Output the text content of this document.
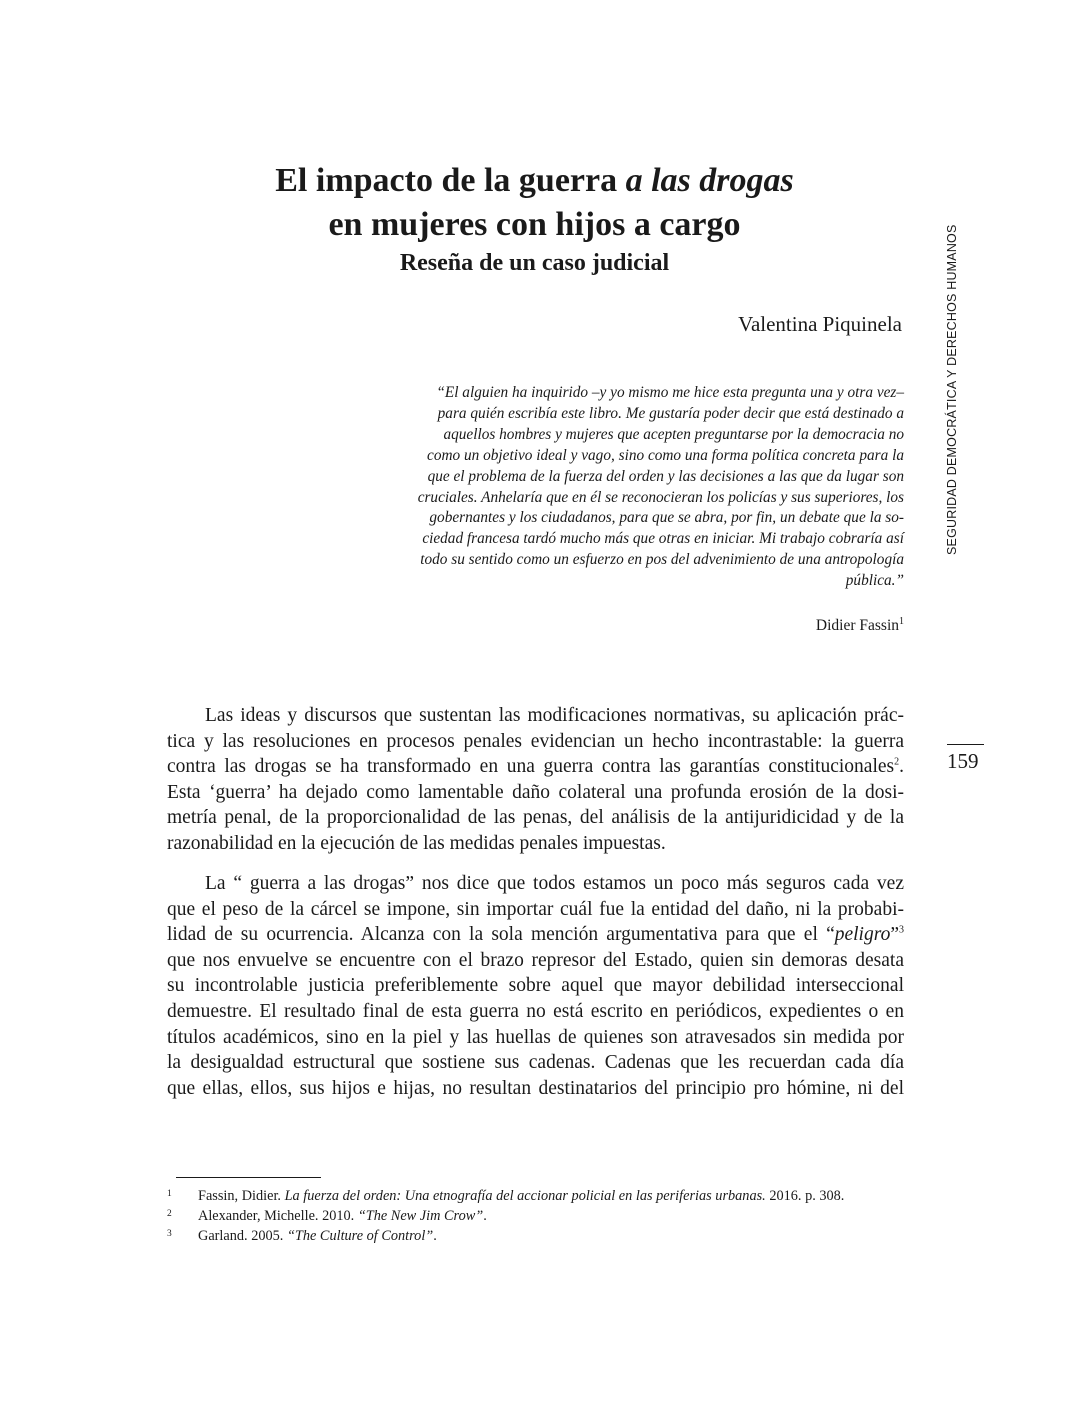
El impacto de la guerra a las drogas
en mujeres con hijos a cargo
Reseña de un caso judicial
Valentina Piquinela
“El alguien ha inquirido –y yo mismo me hice esta pregunta una y otra vez–
para quién escribía este libro. Me gustaría poder decir que está destinado a
aquellos hombres y mujeres que acepten preguntarse por la democracia no
como un objetivo ideal y vago, sino como una forma política concreta para la
que el problema de la fuerza del orden y las decisiones a las que da lugar son
cruciales. Anhelaría que en él se reconocieran los policías y sus superiores, los
gobernantes y los ciudadanos, para que se abra, por fin, un debate que la so-
ciedad francesa tardó mucho más que otras en iniciar. Mi trabajo cobraría así
todo su sentido como un esfuerzo en pos del advenimiento de una antropología
pública.”
Didier Fassin$^1$
Las ideas y discursos que sustentan las modificaciones normativas, su aplicación prác-
tica y las resoluciones en procesos penales evidencian un hecho incontrastable: la guerra
contra las drogas se ha transformado en una guerra contra las garantías constitucionales$^2$.
Esta ‘guerra’ ha dejado como lamentable daño colateral una profunda erosión de la dosi-
metría penal, de la proporcionalidad de las penas, del análisis de la antijuridicidad y de la
razonabilidad en la ejecución de las medidas penales impuestas.
La “ guerra a las drogas” nos dice que todos estamos un poco más seguros cada vez
que el peso de la cárcel se impone, sin importar cuál fue la entidad del daño, ni la probabi-
lidad de su ocurrencia. Alcanza con la sola mención argumentativa para que el “peligro”$^3$
que nos envuelve se encuentre con el brazo represor del Estado, quien sin demoras desata
su incontrolable justicia preferiblemente sobre aquel que mayor debilidad interseccional
demuestre. El resultado final de esta guerra no está escrito en periódicos, expedientes o en
títulos académicos, sino en la piel y las huellas de quienes son atravesados sin medida por
la desigualdad estructural que sostiene sus cadenas. Cadenas que les recuerdan cada día
que ellas, ellos, sus hijos e hijas, no resultan destinatarios del principio pro hómine, ni del
SEGURIDAD DEMOCRÁTICA Y DERECHOS HUMANOS
159
1 Fassin, Didier. La fuerza del orden: Una etnografía del accionar policial en las periferias urbanas. 2016. p. 308.
2 Alexander, Michelle. 2010. “The New Jim Crow”.
3 Garland. 2005. “The Culture of Control”.
